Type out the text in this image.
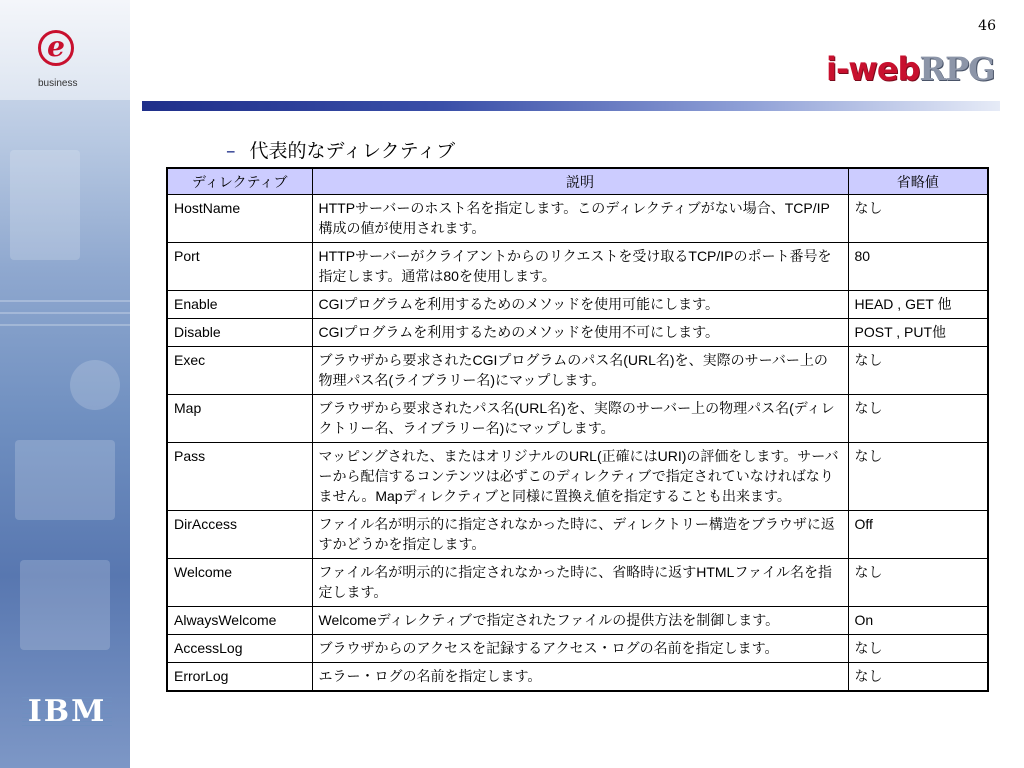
e
business
IBM
46
i-webRPG
– 代表的なディレクティブ
ディレクティブ	説明	省略値
HostName	HTTPサーバーのホスト名を指定します。このディレクティブがない場合、TCP/IP構成の値が使用されます。	なし
Port	HTTPサーバーがクライアントからのリクエストを受け取るTCP/IPのポート番号を指定します。通常は80を使用します。	80
Enable	CGIプログラムを利用するためのメソッドを使用可能にします。	HEAD , GET 他
Disable	CGIプログラムを利用するためのメソッドを使用不可にします。	POST , PUT他
Exec	ブラウザから要求されたCGIプログラムのパス名(URL名)を、実際のサーバー上の物理パス名(ライブラリー名)にマップします。	なし
Map	ブラウザから要求されたパス名(URL名)を、実際のサーバー上の物理パス名(ディレクトリー名、ライブラリー名)にマップします。	なし
Pass	マッピングされた、またはオリジナルのURL(正確にはURI)の評価をします。サーバーから配信するコンテンツは必ずこのディレクティブで指定されていなければなりません。Mapディレクティブと同様に置換え値を指定することも出来ます。	なし
DirAccess	ファイル名が明示的に指定されなかった時に、ディレクトリー構造をブラウザに返すかどうかを指定します。	Off
Welcome	ファイル名が明示的に指定されなかった時に、省略時に返すHTMLファイル名を指定します。	なし
AlwaysWelcome	Welcomeディレクティブで指定されたファイルの提供方法を制御します。	On
AccessLog	ブラウザからのアクセスを記録するアクセス・ログの名前を指定します。	なし
ErrorLog	エラー・ログの名前を指定します。	なし
